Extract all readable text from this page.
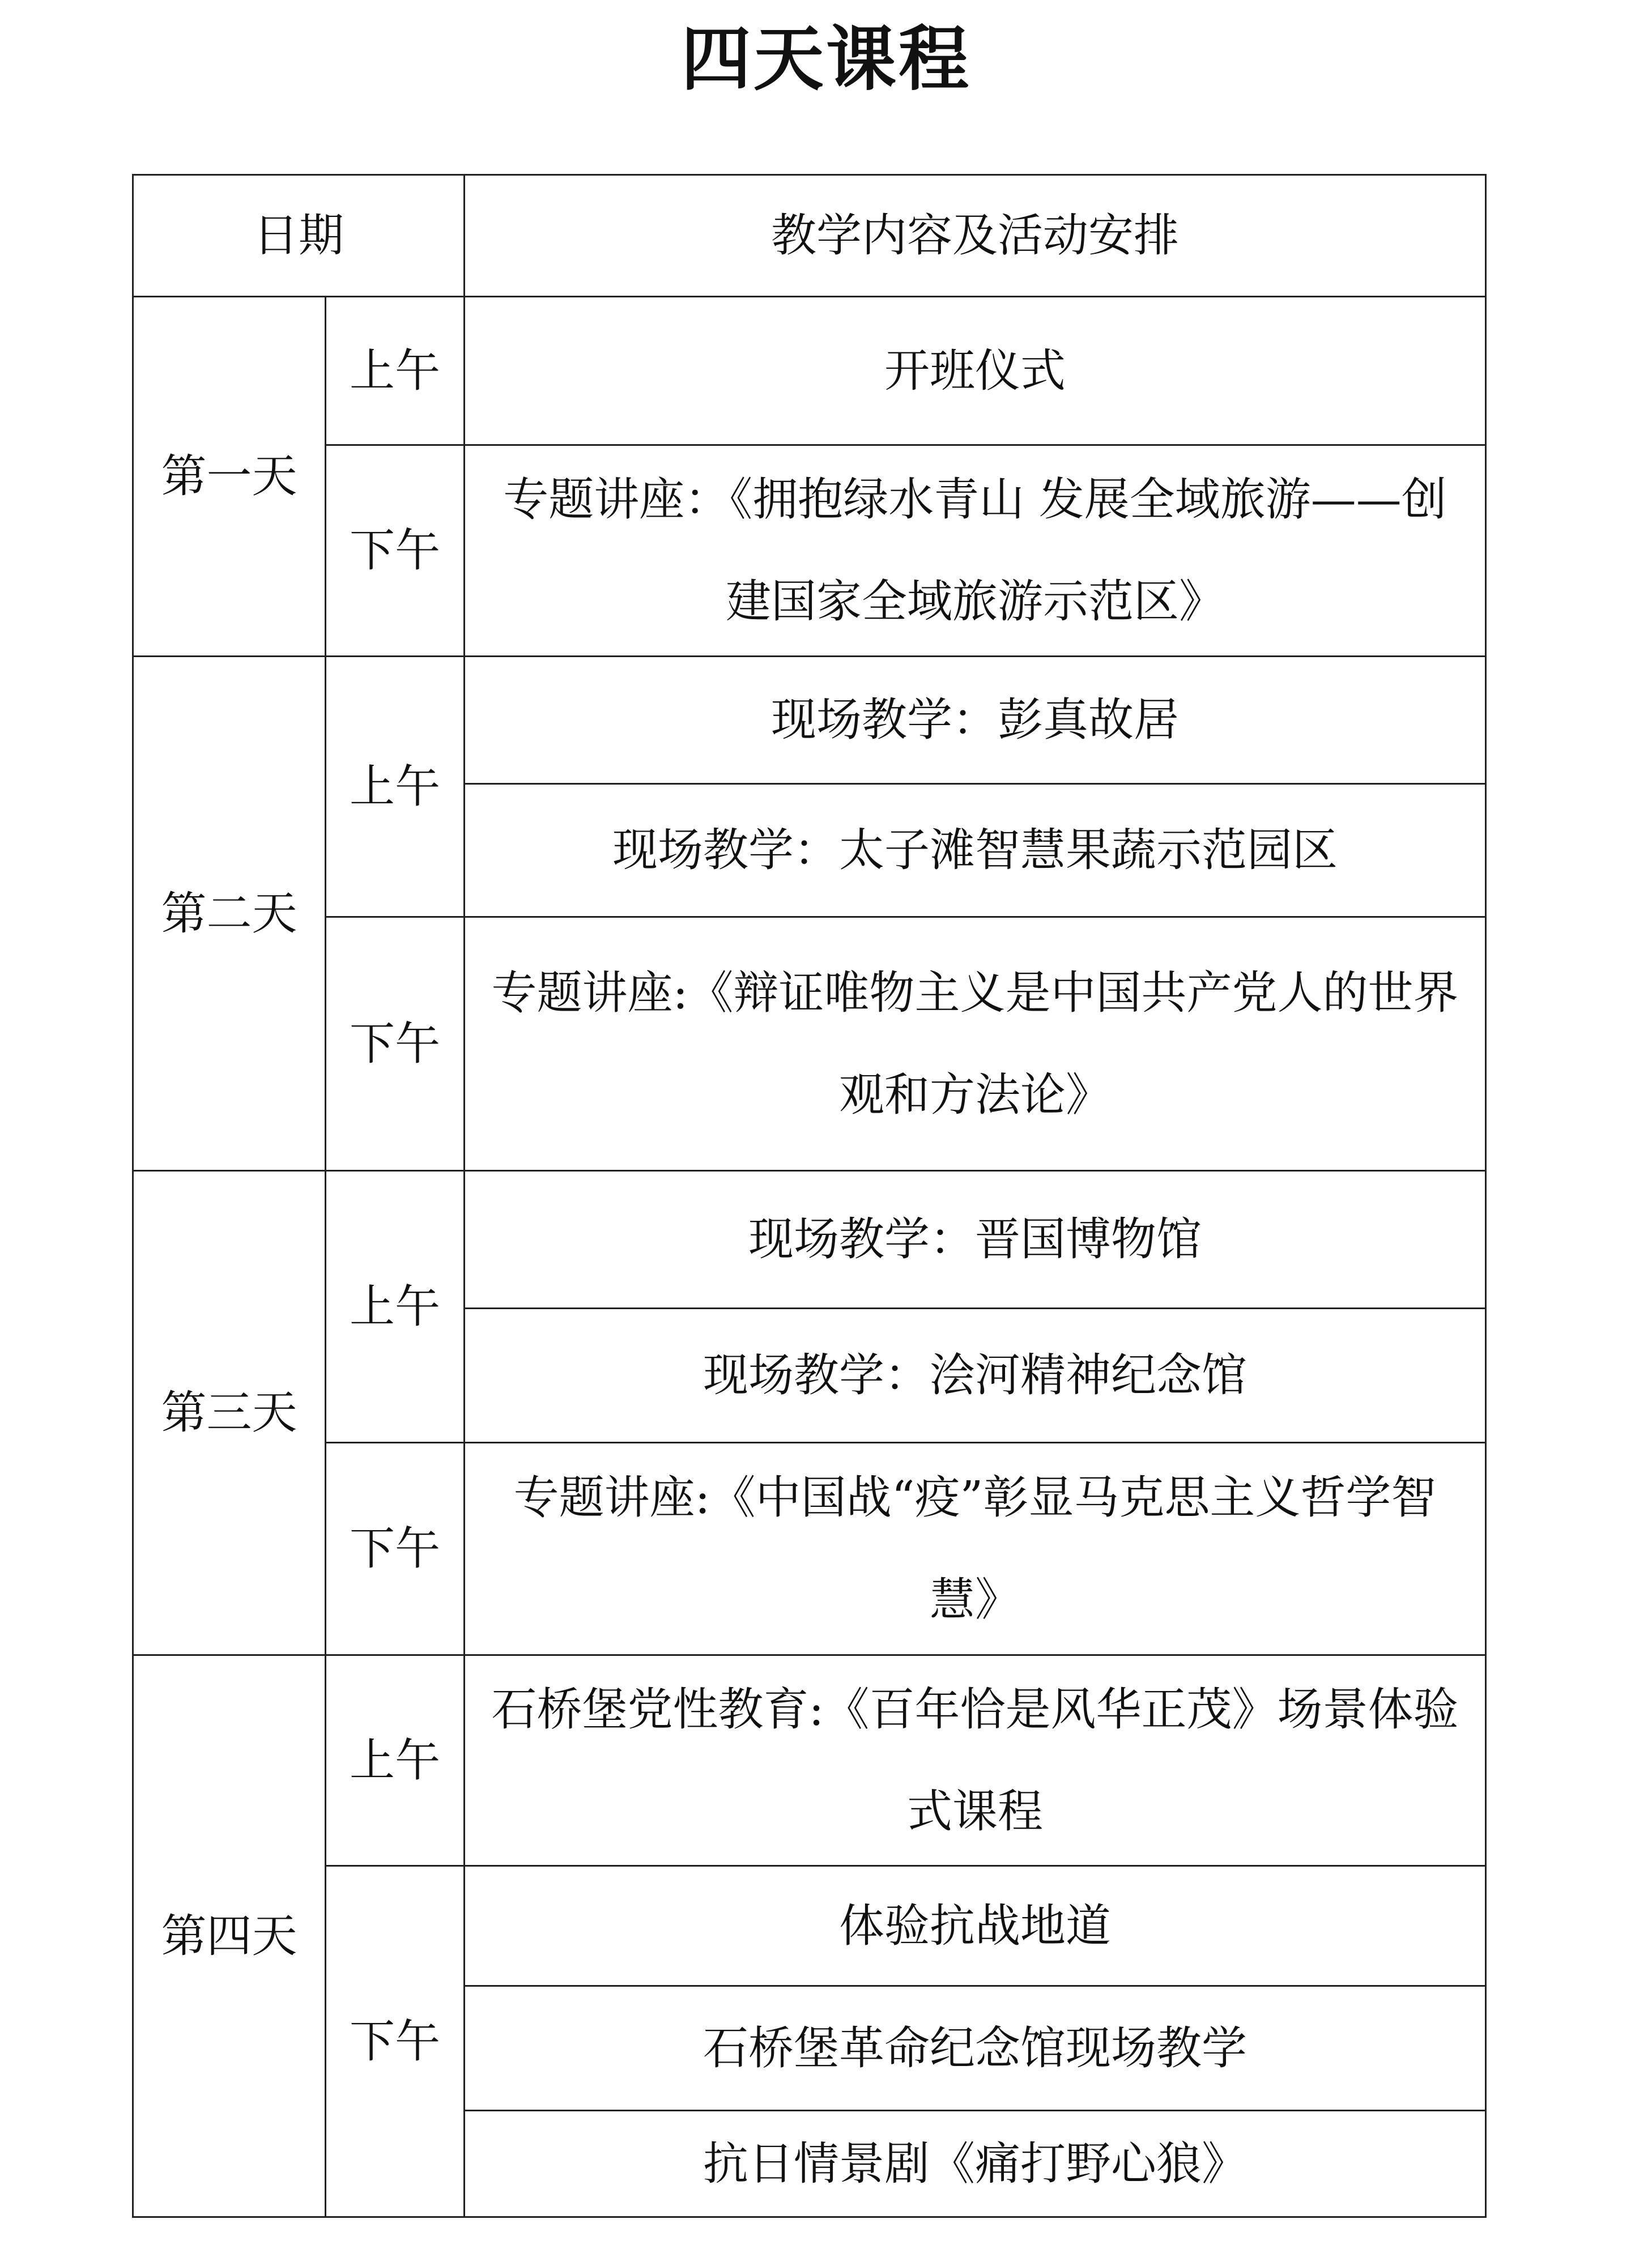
四天课程
日期		教学内容及活动安排
第一天	上午	开班仪式
	下午	专题讲座：《拥抱绿水青山 发展全域旅游——创建国家全域旅游示范区》
第二天	上午	现场教学：彭真故居
		现场教学：太子滩智慧果蔬示范园区
	下午	专题讲座:《辩证唯物主义是中国共产党人的世界观和方法论》
第三天	上午	现场教学：晋国博物馆
		现场教学：浍河精神纪念馆
	下午	专题讲座:《中国战“疫”彰显马克思主义哲学智慧》
第四天	上午	石桥堡党性教育:《百年恰是风华正茂》场景体验式课程
	下午	体验抗战地道
		石桥堡革命纪念馆现场教学
		抗日情景剧《痛打野心狼》
